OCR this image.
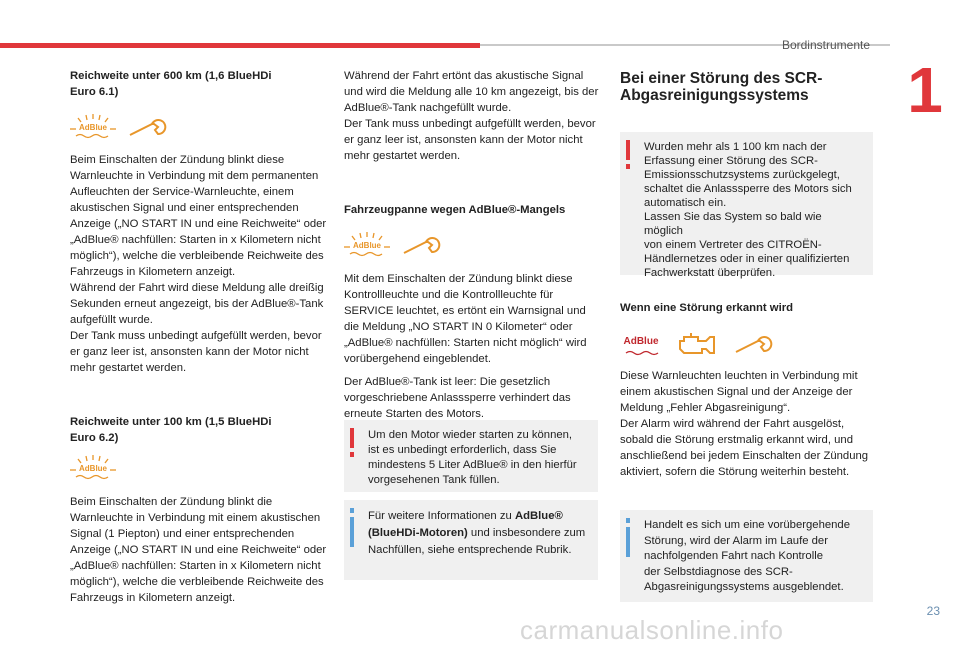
Bordinstrumente
1
23
carmanualsonline.info

Reichweite unter 600 km (1,6 BlueHDi
Euro 6.1)

AdBlue

Beim Einschalten der Zündung blinkt diese
Warnleuchte in Verbindung mit dem permanenten
Aufleuchten der Service-Warnleuchte, einem
akustischen Signal und einer entsprechenden
Anzeige („NO START IN und eine Reichweite“ oder
„AdBlue® nachfüllen: Starten in x Kilometern nicht
möglich“), welche die verbleibende Reichweite des
Fahrzeugs in Kilometern anzeigt.
Während der Fahrt wird diese Meldung alle dreißig
Sekunden erneut angezeigt, bis der AdBlue®-Tank
aufgefüllt wurde.
Der Tank muss unbedingt aufgefüllt werden, bevor
er ganz leer ist, ansonsten kann der Motor nicht
mehr gestartet werden.

Reichweite unter 100 km (1,5 BlueHDi
Euro 6.2)

AdBlue

Beim Einschalten der Zündung blinkt die
Warnleuchte in Verbindung mit einem akustischen
Signal (1 Piepton) und einer entsprechenden
Anzeige („NO START IN und eine Reichweite“ oder
„AdBlue® nachfüllen: Starten in x Kilometern nicht
möglich“), welche die verbleibende Reichweite des
Fahrzeugs in Kilometern anzeigt.

Während der Fahrt ertönt das akustische Signal
und wird die Meldung alle 10 km angezeigt, bis der
AdBlue®-Tank nachgefüllt wurde.
Der Tank muss unbedingt aufgefüllt werden, bevor
er ganz leer ist, ansonsten kann der Motor nicht
mehr gestartet werden.

Fahrzeugpanne wegen AdBlue®-Mangels
AdBlue

Mit dem Einschalten der Zündung blinkt diese
Kontrollleuchte und die Kontrollleuchte für
SERVICE leuchtet, es ertönt ein Warnsignal und
die Meldung „NO START IN 0 Kilometer“ oder
„AdBlue® nachfüllen: Starten nicht möglich“ wird
vorübergehend eingeblendet.

Der AdBlue®-Tank ist leer: Die gesetzlich
vorgeschriebene Anlasssperre verhindert das
erneute Starten des Motors.

Um den Motor wieder starten zu können,
ist es unbedingt erforderlich, dass Sie
mindestens 5 Liter AdBlue® in den hierfür
vorgesehenen Tank füllen.

Für weitere Informationen zu AdBlue®
(BlueHDi-Motoren) und insbesondere zum
Nachfüllen, siehe entsprechende Rubrik.

Bei einer Störung des SCR-
Abgasreinigungssystems

Wurden mehr als 1 100 km nach der
Erfassung einer Störung des SCR-
Emissionsschutzsystems zurückgelegt,
schaltet die Anlasssperre des Motors sich
automatisch ein.
Lassen Sie das System so bald wie möglich
von einem Vertreter des CITROËN-
Händlernetzes oder in einer qualifizierten
Fachwerkstatt überprüfen.

Wenn eine Störung erkannt wird
AdBlue

Diese Warnleuchten leuchten in Verbindung mit
einem akustischen Signal und der Anzeige der
Meldung „Fehler Abgasreinigung“.
Der Alarm wird während der Fahrt ausgelöst,
sobald die Störung erstmalig erkannt wird, und
anschließend bei jedem Einschalten der Zündung
aktiviert, sofern die Störung weiterhin besteht.

Handelt es sich um eine vorübergehende
Störung, wird der Alarm im Laufe der
nachfolgenden Fahrt nach Kontrolle
der Selbstdiagnose des SCR-
Abgasreinigungssystems ausgeblendet.
